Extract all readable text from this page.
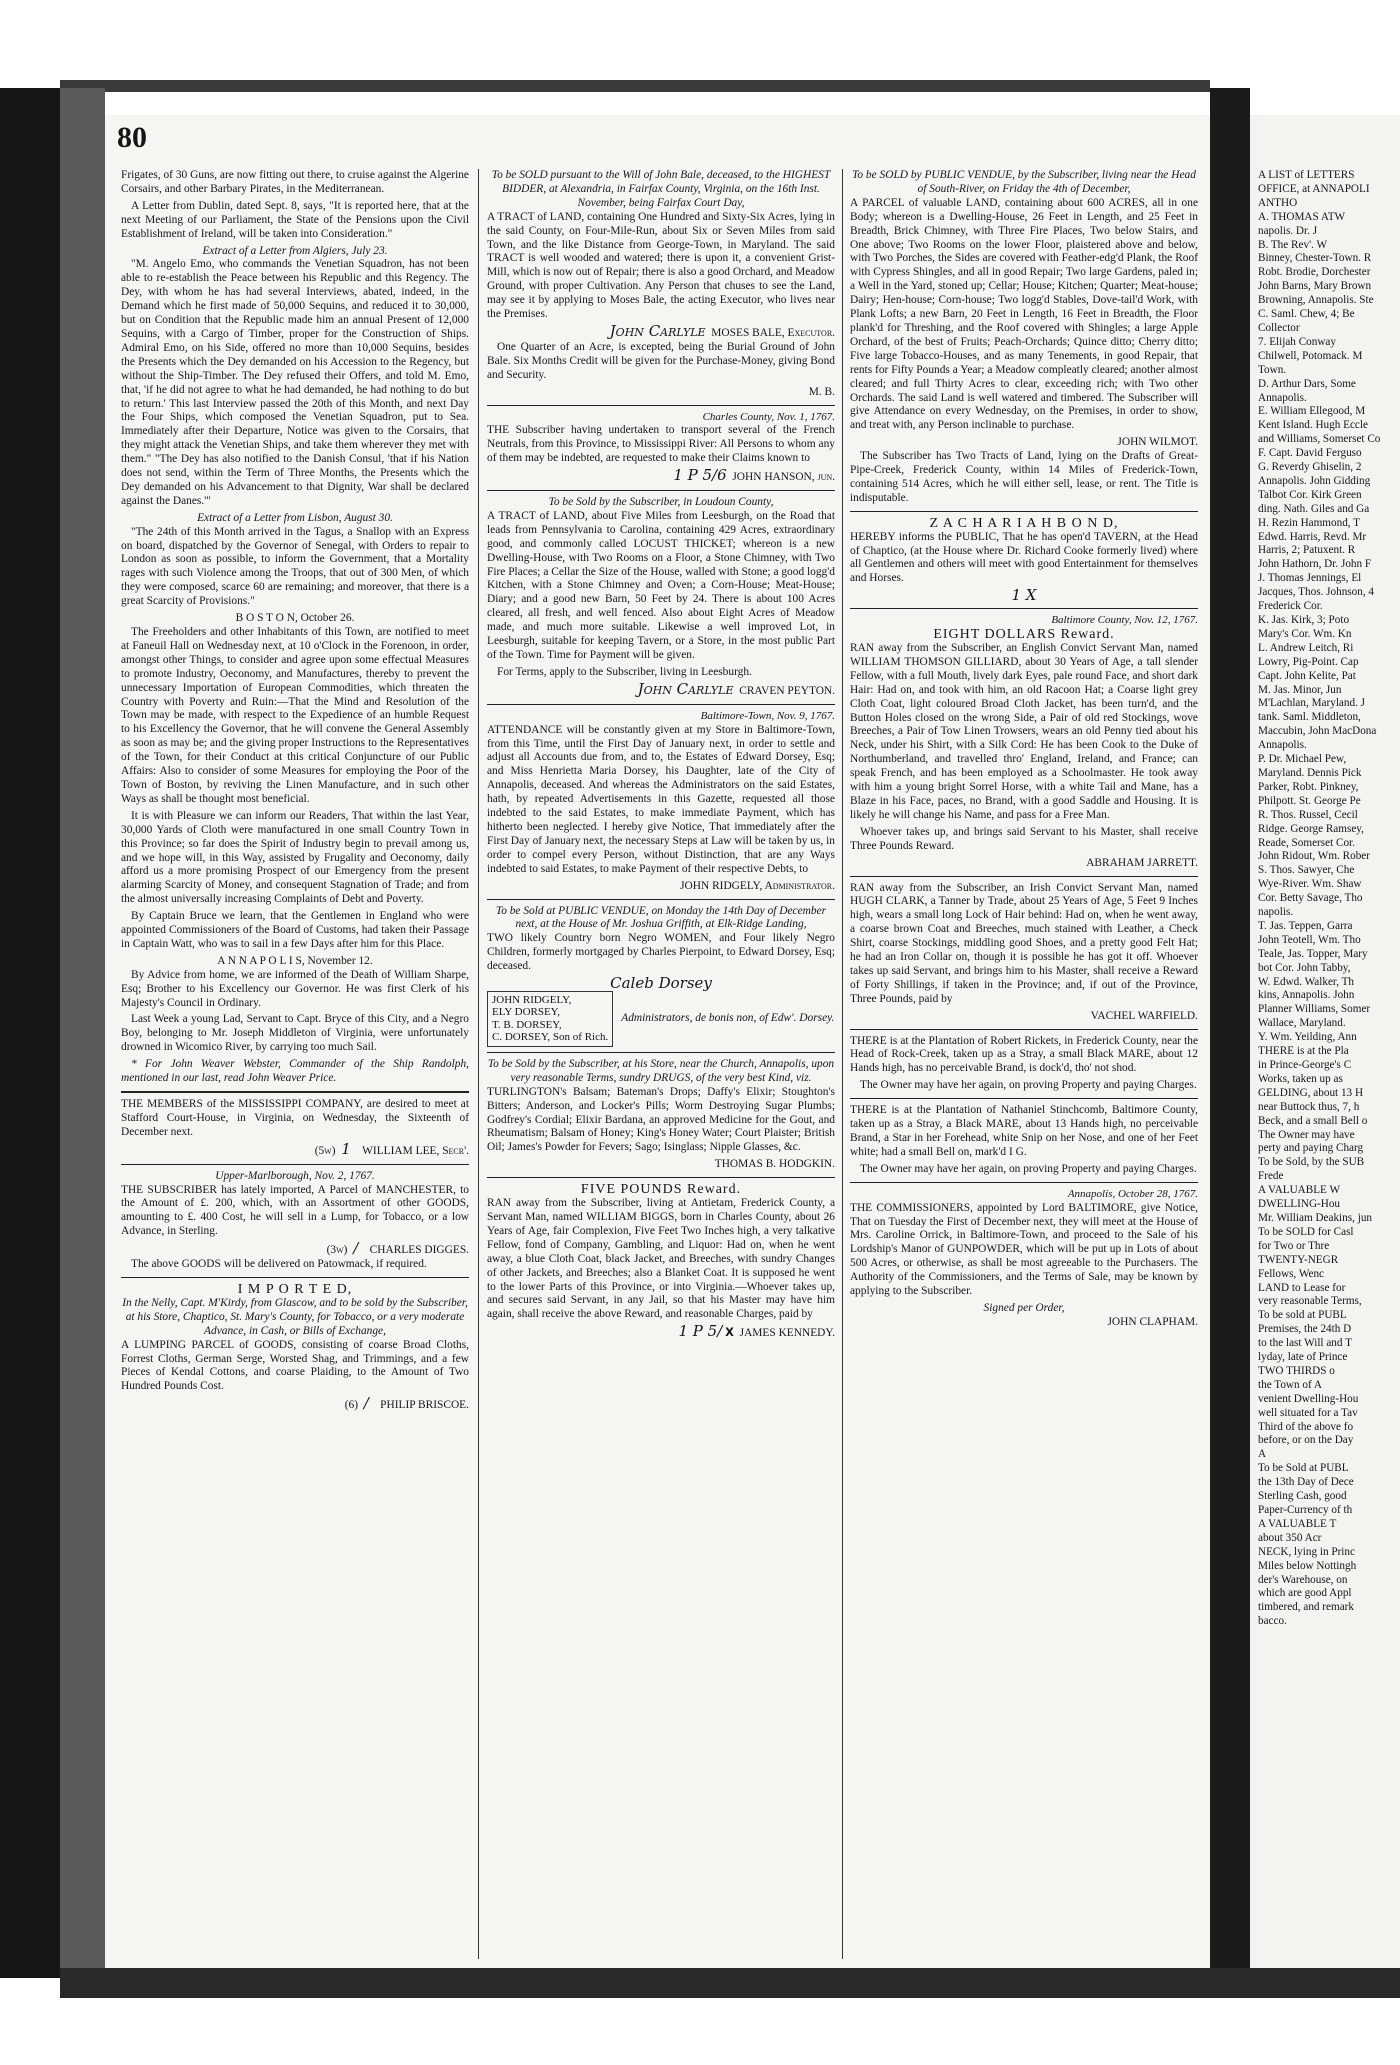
80

Frigates, of 30 Guns, are now fitting out there, to cruise against the Algerine Corsairs, and other Barbary Pirates, in the Mediterranean.

A Letter from Dublin, dated Sept. 8, says, "It is reported here, that at the next Meeting of our Parliament, the State of the Pensions upon the Civil Establishment of Ireland, will be taken into Consideration."

Extract of a Letter from Algiers, July 23.

"M. Angelo Emo, who commands the Venetian Squadron, has not been able to re-establish the Peace between his Republic and this Regency. The Dey, with whom he has had several Interviews, abated, indeed, in the Demand which he first made of 50,000 Sequins, and reduced it to 30,000, but on Condition that the Republic made him an annual Present of 12,000 Sequins, with a Cargo of Timber, proper for the Construction of Ships. Admiral Emo, on his Side, offered no more than 10,000 Sequins, besides the Presents which the Dey demanded on his Accession to the Regency, but without the Ship-Timber. The Dey refused their Offers, and told M. Emo, that, 'if he did not agree to what he had demanded, he had nothing to do but to return.' This last Interview passed the 20th of this Month, and next Day the Four Ships, which composed the Venetian Squadron, put to Sea. Immediately after their Departure, Notice was given to the Corsairs, that they might attack the Venetian Ships, and take them wherever they met with them." "The Dey has also notified to the Danish Consul, 'that if his Nation does not send, within the Term of Three Months, the Presents which the Dey demanded on his Advancement to that Dignity, War shall be declared against the Danes.'"

Extract of a Letter from Lisbon, August 30.

"The 24th of this Month arrived in the Tagus, a Snallop with an Express on board, dispatched by the Governor of Senegal, with Orders to repair to London as soon as possible, to inform the Government, that a Mortality rages with such Violence among the Troops, that out of 300 Men, of which they were composed, scarce 60 are remaining; and moreover, that there is a great Scarcity of Provisions."

B O S T O N, October 26.

The Freeholders and other Inhabitants of this Town, are notified to meet at Faneuil Hall on Wednesday next, at 10 o'Clock in the Forenoon, in order, amongst other Things, to consider and agree upon some effectual Measures to promote Industry, Oeconomy, and Manufactures, thereby to prevent the unnecessary Importation of European Commodities, which threaten the Country with Poverty and Ruin:—That the Mind and Resolution of the Town may be made, with respect to the Expedience of an humble Request to his Excellency the Governor, that he will convene the General Assembly as soon as may be; and the giving proper Instructions to the Representatives of the Town, for their Conduct at this critical Conjuncture of our Public Affairs: Also to consider of some Measures for employing the Poor of the Town of Boston, by reviving the Linen Manufacture, and in such other Ways as shall be thought most beneficial.

It is with Pleasure we can inform our Readers, That within the last Year, 30,000 Yards of Cloth were manufactured in one small Country Town in this Province; so far does the Spirit of Industry begin to prevail among us, and we hope will, in this Way, assisted by Frugality and Oeconomy, daily afford us a more promising Prospect of our Emergency from the present alarming Scarcity of Money, and consequent Stagnation of Trade; and from the almost universally increasing Complaints of Debt and Poverty.

By Captain Bruce we learn, that the Gentlemen in England who were appointed Commissioners of the Board of Customs, had taken their Passage in Captain Watt, who was to sail in a few Days after him for this Place.

A N N A P O L I S, November 12.

By Advice from home, we are informed of the Death of William Sharpe, Esq; Brother to his Excellency our Governor. He was first Clerk of his Majesty's Council in Ordinary.

Last Week a young Lad, Servant to Capt. Bryce of this City, and a Negro Boy, belonging to Mr. Joseph Middleton of Virginia, were unfortunately drowned in Wicomico River, by carrying too much Sail.

* For John Weaver Webster, Commander of the Ship Randolph, mentioned in our last, read John Weaver Price.

THE MEMBERS of the MISSISSIPPI COMPANY, are desired to meet at Stafford Court-House, in Virginia, on Wednesday, the Sixteenth of December next.

(5w) 1 WILLIAM LEE, Secr'.
Upper-Marlborough, Nov. 2, 1767.

THE SUBSCRIBER has lately imported, A Parcel of MANCHESTER, to the Amount of £. 200, which, with an Assortment of other GOODS, amounting to £. 400 Cost, he will sell in a Lump, for Tobacco, or a low Advance, in Sterling.

(3w) / CHARLES DIGGES.

The above GOODS will be delivered on Patowmack, if required.

I M P O R T E D,
In the Nelly, Capt. M'Kirdy, from Glascow, and to be sold by the Subscriber, at his Store, Chaptico, St. Mary's County, for Tobacco, or a very moderate Advance, in Cash, or Bills of Exchange,

A LUMPING PARCEL of GOODS, consisting of coarse Broad Cloths, Forrest Cloths, German Serge, Worsted Shag, and Trimmings, and a few Pieces of Kendal Cottons, and coarse Plaiding, to the Amount of Two Hundred Pounds Cost.

(6) / PHILIP BRISCOE.
To be SOLD pursuant to the Will of John Bale, deceased, to the HIGHEST BIDDER, at Alexandria, in Fairfax County, Virginia, on the 16th Inst. November, being Fairfax Court Day,

A TRACT of LAND, containing One Hundred and Sixty-Six Acres, lying in the said County, on Four-Mile-Run, about Six or Seven Miles from said Town, and the like Distance from George-Town, in Maryland. The said TRACT is well wooded and watered; there is upon it, a convenient Grist-Mill, which is now out of Repair; there is also a good Orchard, and Meadow Ground, with proper Cultivation. Any Person that chuses to see the Land, may see it by applying to Moses Bale, the acting Executor, who lives near the Premises.

John Carlyle MOSES BALE, Executor.

One Quarter of an Acre, is excepted, being the Burial Ground of John Bale. Six Months Credit will be given for the Purchase-Money, giving Bond and Security.

M. B.
Charles County, Nov. 1, 1767.

THE Subscriber having undertaken to transport several of the French Neutrals, from this Province, to Mississippi River: All Persons to whom any of them may be indebted, are requested to make their Claims known to

1 P 5/6 JOHN HANSON, jun.
To be Sold by the Subscriber, in Loudoun County,

A TRACT of LAND, about Five Miles from Leesburgh, on the Road that leads from Pennsylvania to Carolina, containing 429 Acres, extraordinary good, and commonly called LOCUST THICKET; whereon is a new Dwelling-House, with Two Rooms on a Floor, a Stone Chimney, with Two Fire Places; a Cellar the Size of the House, walled with Stone; a good logg'd Kitchen, with a Stone Chimney and Oven; a Corn-House; Meat-House; Diary; and a good new Barn, 50 Feet by 24. There is about 100 Acres cleared, all fresh, and well fenced. Also about Eight Acres of Meadow made, and much more suitable. Likewise a well improved Lot, in Leesburgh, suitable for keeping Tavern, or a Store, in the most public Part of the Town. Time for Payment will be given.

For Terms, apply to the Subscriber, living in Leesburgh.

John Carlyle CRAVEN PEYTON.
Baltimore-Town, Nov. 9, 1767.

ATTENDANCE will be constantly given at my Store in Baltimore-Town, from this Time, until the First Day of January next, in order to settle and adjust all Accounts due from, and to, the Estates of Edward Dorsey, Esq; and Miss Henrietta Maria Dorsey, his Daughter, late of the City of Annapolis, deceased. And whereas the Administrators on the said Estates, hath, by repeated Advertisements in this Gazette, requested all those indebted to the said Estates, to make immediate Payment, which has hitherto been neglected. I hereby give Notice, That immediately after the First Day of January next, the necessary Steps at Law will be taken by us, in order to compel every Person, without Distinction, that are any Ways indebted to said Estates, to make Payment of their respective Debts, to

JOHN RIDGELY, Administrator.
To be Sold at PUBLIC VENDUE, on Monday the 14th Day of December next, at the House of Mr. Joshua Griffith, at Elk-Ridge Landing,

TWO likely Country born Negro WOMEN, and Four likely Negro Children, formerly mortgaged by Charles Pierpoint, to Edward Dorsey, Esq; deceased.

Caleb Dorsey
JOHN RIDGELY,
ELY DORSEY,
T. B. DORSEY,
C. DORSEY, Son of Rich.
Administrators, de bonis non, of Edw'. Dorsey.
To be Sold by the Subscriber, at his Store, near the Church, Annapolis, upon very reasonable Terms, sundry DRUGS, of the very best Kind, viz.

TURLINGTON's Balsam; Bateman's Drops; Daffy's Elixir; Stoughton's Bitters; Anderson, and Locker's Pills; Worm Destroying Sugar Plumbs; Godfrey's Cordial; Elixir Bardana, an approved Medicine for the Gout, and Rheumatism; Balsam of Honey; King's Honey Water; Court Plaister; British Oil; James's Powder for Fevers; Sago; Isinglass; Nipple Glasses, &c.

THOMAS B. HODGKIN.
FIVE POUNDS Reward.

RAN away from the Subscriber, living at Antietam, Frederick County, a Servant Man, named WILLIAM BIGGS, born in Charles County, about 26 Years of Age, fair Complexion, Five Feet Two Inches high, a very talkative Fellow, fond of Company, Gambling, and Liquor: Had on, when he went away, a blue Cloth Coat, black Jacket, and Breeches, with sundry Changes of other Jackets, and Breeches; also a Blanket Coat. It is supposed he went to the lower Parts of this Province, or into Virginia.—Whoever takes up, and secures said Servant, in any Jail, so that his Master may have him again, shall receive the above Reward, and reasonable Charges, paid by

1 P 5/ X JAMES KENNEDY.
To be SOLD by PUBLIC VENDUE, by the Subscriber, living near the Head of South-River, on Friday the 4th of December,

A PARCEL of valuable LAND, containing about 600 ACRES, all in one Body; whereon is a Dwelling-House, 26 Feet in Length, and 25 Feet in Breadth, Brick Chimney, with Three Fire Places, Two below Stairs, and One above; Two Rooms on the lower Floor, plaistered above and below, with Two Porches, the Sides are covered with Feather-edg'd Plank, the Roof with Cypress Shingles, and all in good Repair; Two large Gardens, paled in; a Well in the Yard, stoned up; Cellar; House; Kitchen; Quarter; Meat-house; Dairy; Hen-house; Corn-house; Two logg'd Stables, Dove-tail'd Work, with Plank Lofts; a new Barn, 20 Feet in Length, 16 Feet in Breadth, the Floor plank'd for Threshing, and the Roof covered with Shingles; a large Apple Orchard, of the best of Fruits; Peach-Orchards; Quince ditto; Cherry ditto; Five large Tobacco-Houses, and as many Tenements, in good Repair, that rents for Fifty Pounds a Year; a Meadow compleatly cleared; another almost cleared; and full Thirty Acres to clear, exceeding rich; with Two other Orchards. The said Land is well watered and timbered. The Subscriber will give Attendance on every Wednesday, on the Premises, in order to show, and treat with, any Person inclinable to purchase.

JOHN WILMOT.

The Subscriber has Two Tracts of Land, lying on the Drafts of Great-Pipe-Creek, Frederick County, within 14 Miles of Frederick-Town, containing 514 Acres, which he will either sell, lease, or rent. The Title is indisputable.

Z A C H A R I A H B O N D,

HEREBY informs the PUBLIC, That he has open'd TAVERN, at the Head of Chaptico, (at the House where Dr. Richard Cooke formerly lived) where all Gentlemen and others will meet with good Entertainment for themselves and Horses.

1 X
Baltimore County, Nov. 12, 1767.
EIGHT DOLLARS Reward.

RAN away from the Subscriber, an English Convict Servant Man, named WILLIAM THOMSON GILLIARD, about 30 Years of Age, a tall slender Fellow, with a full Mouth, lively dark Eyes, pale round Face, and short dark Hair: Had on, and took with him, an old Racoon Hat; a Coarse light grey Cloth Coat, light coloured Broad Cloth Jacket, has been turn'd, and the Button Holes closed on the wrong Side, a Pair of old red Stockings, wove Breeches, a Pair of Tow Linen Trowsers, wears an old Penny tied about his Neck, under his Shirt, with a Silk Cord: He has been Cook to the Duke of Northumberland, and travelled thro' England, Ireland, and France; can speak French, and has been employed as a Schoolmaster. He took away with him a young bright Sorrel Horse, with a white Tail and Mane, has a Blaze in his Face, paces, no Brand, with a good Saddle and Housing. It is likely he will change his Name, and pass for a Free Man.

Whoever takes up, and brings said Servant to his Master, shall receive Three Pounds Reward.

ABRAHAM JARRETT.

RAN away from the Subscriber, an Irish Convict Servant Man, named HUGH CLARK, a Tanner by Trade, about 25 Years of Age, 5 Feet 9 Inches high, wears a small long Lock of Hair behind: Had on, when he went away, a coarse brown Coat and Breeches, much stained with Leather, a Check Shirt, coarse Stockings, middling good Shoes, and a pretty good Felt Hat; he had an Iron Collar on, though it is possible he has got it off. Whoever takes up said Servant, and brings him to his Master, shall receive a Reward of Forty Shillings, if taken in the Province; and, if out of the Province, Three Pounds, paid by

VACHEL WARFIELD.

THERE is at the Plantation of Robert Rickets, in Frederick County, near the Head of Rock-Creek, taken up as a Stray, a small Black MARE, about 12 Hands high, has no perceivable Brand, is dock'd, tho' not shod.

The Owner may have her again, on proving Property and paying Charges.

THERE is at the Plantation of Nathaniel Stinchcomb, Baltimore County, taken up as a Stray, a Black MARE, about 13 Hands high, no perceivable Brand, a Star in her Forehead, white Snip on her Nose, and one of her Feet white; had a small Bell on, mark'd I G.

The Owner may have her again, on proving Property and paying Charges.

Annapolis, October 28, 1767.

THE COMMISSIONERS, appointed by Lord BALTIMORE, give Notice, That on Tuesday the First of December next, they will meet at the House of Mrs. Caroline Orrick, in Baltimore-Town, and proceed to the Sale of his Lordship's Manor of GUNPOWDER, which will be put up in Lots of about 500 Acres, or otherwise, as shall be most agreeable to the Purchasers. The Authority of the Commissioners, and the Terms of Sale, may be known by applying to the Subscriber.

Signed per Order,
JOHN CLAPHAM.
A LIST of LETTERS
OFFICE, at ANNAPOLI
ANTHO
A. THOMAS ATW
napolis. Dr. J
B. The Rev'. W
Binney, Chester-Town. R
Robt. Brodie, Dorchester
John Barns, Mary Brown
Browning, Annapolis. Ste
C. Saml. Chew, 4; Be
Collector
7. Elijah Conway
Chilwell, Potomack. M
Town.
D. Arthur Dars, Some
Annapolis.
E. William Ellegood, M
Kent Island. Hugh Eccle
and Williams, Somerset Co
F. Capt. David Ferguso
G. Reverdy Ghiselin, 2
Annapolis. John Gidding
Talbot Cor. Kirk Green
ding. Nath. Giles and Ga
H. Rezin Hammond, T
Edwd. Harris, Revd. Mr
Harris, 2; Patuxent. R
John Hathorn, Dr. John F
J. Thomas Jennings, El
Jacques, Thos. Johnson, 4
Frederick Cor.
K. Jas. Kirk, 3; Poto
Mary's Cor. Wm. Kn
L. Andrew Leitch, Ri
Lowry, Pig-Point. Cap
Capt. John Kelite, Pat
M. Jas. Minor, Jun
M'Lachlan, Maryland. J
tank. Saml. Middleton,
Maccubin, John MacDona
Annapolis.
P. Dr. Michael Pew,
Maryland. Dennis Pick
Parker, Robt. Pinkney,
Philpott. St. George Pe
R. Thos. Russel, Cecil
Ridge. George Ramsey,
Reade, Somerset Cor.
John Ridout, Wm. Rober
S. Thos. Sawyer, Che
Wye-River. Wm. Shaw
Cor. Betty Savage, Tho
napolis.
T. Jas. Teppen, Garra
John Teotell, Wm. Tho
Teale, Jas. Topper, Mary
bot Cor. John Tabby,
W. Edwd. Walker, Th
kins, Annapolis. John
Planner Williams, Somer
Wallace, Maryland.
Y. Wm. Yeilding, Ann
THERE is at the Pla
in Prince-George's C
Works, taken up as
GELDING, about 13 H
near Buttock thus, 7, h
Beck, and a small Bell o
The Owner may have
perty and paying Charg
To be Sold, by the SUB
Frede
A VALUABLE W
DWELLING-Hou
Mr. William Deakins, jun
To be SOLD for Casl
for Two or Thre
TWENTY-NEGR
Fellows, Wenc
LAND to Lease for
very reasonable Terms,
To be sold at PUBL
Premises, the 24th D
to the last Will and T
lyday, late of Prince
TWO THIRDS o
the Town of A
venient Dwelling-Hou
well situated for a Tav
Third of the above fo
before, or on the Day
A
To be Sold at PUBL
the 13th Day of Dece
Sterling Cash, good
Paper-Currency of th
A VALUABLE T
about 350 Acr
NECK, lying in Princ
Miles below Nottingh
der's Warehouse, on
which are good Appl
timbered, and remark
bacco.
